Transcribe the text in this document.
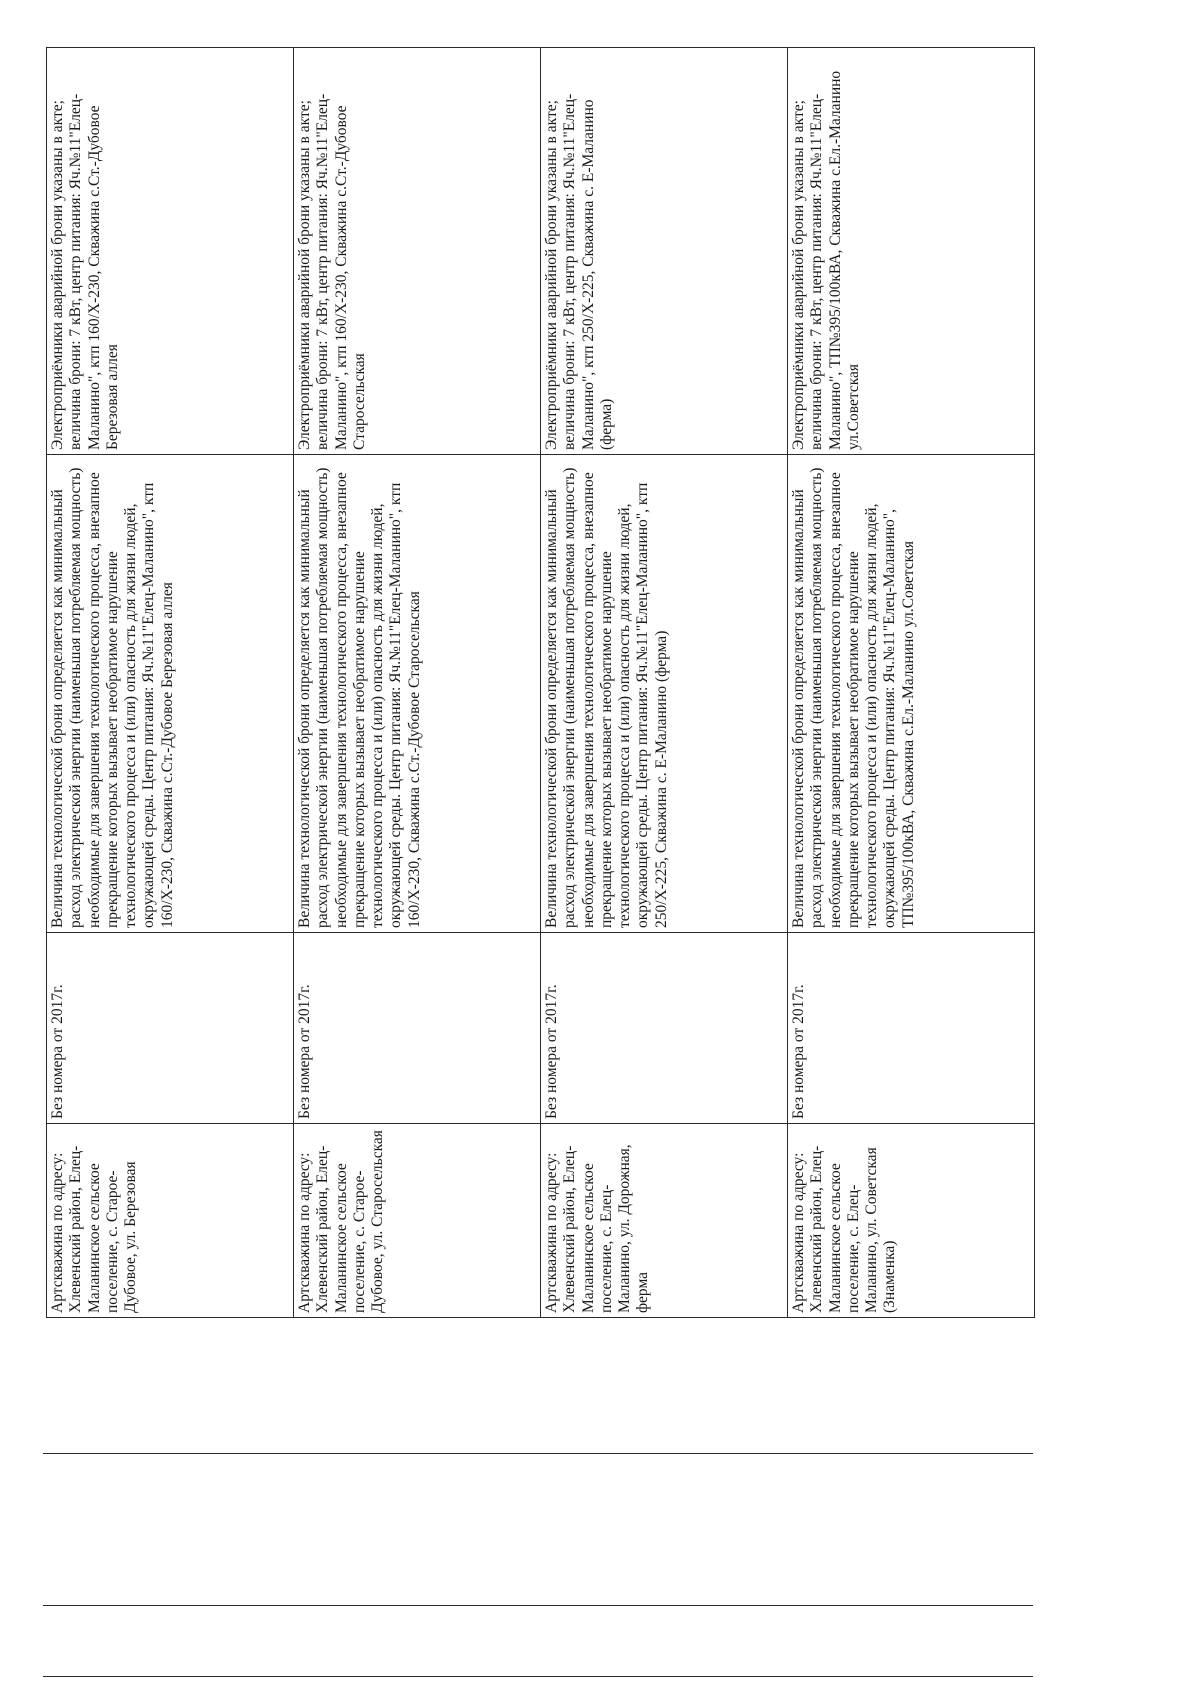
Артскважина по адресу: Хлевенский район, Елец-Маланинское сельское поселение, с. Старое-Дубовое, ул. Березовая	Без номера от 2017г.	Величина технологической брони определяется как минимальный расход электрической энергии (наименьшая потребляемая мощность) необходимые для завершения технологического процесса, внезапное прекращение которых вызывает необратимое нарушение технологического процесса и (или) опасность для жизни людей, окружающей среды. Центр питания: Яч.№11"Елец-Маланино", ктп 160/Х-230, Скважина с.Ст.-Дубовое Березовая аллея	Электроприёмники аварийной брони указаны в акте; величина брони: 7 кВт, центр питания: Яч.№11"Елец-Маланино", ктп 160/Х-230, Скважина с.Ст.-Дубовое Березовая аллея
Артскважина по адресу: Хлевенский район, Елец-Маланинское сельское поселение, с. Старое-Дубовое, ул. Старосельская	Без номера от 2017г.	Величина технологической брони определяется как минимальный расход электрической энергии (наименьшая потребляемая мощность) необходимые для завершения технологического процесса, внезапное прекращение которых вызывает необратимое нарушение технологического процесса и (или) опасность для жизни людей, окружающей среды. Центр питания: Яч.№11"Елец-Маланино", ктп 160/Х-230, Скважина с.Ст.-Дубовое Старосельская	Электроприёмники аварийной брони указаны в акте; величина брони: 7 кВт, центр питания: Яч.№11"Елец-Маланино", ктп 160/Х-230, Скважина с.Ст.-Дубовое Старосельская
Артскважина по адресу: Хлевенский район, Елец-Маланинское сельское поселение, с. Елец-Маланино, ул. Дорожная, ферма	Без номера от 2017г.	Величина технологической брони определяется как минимальный расход электрической энергии (наименьшая потребляемая мощность) необходимые для завершения технологического процесса, внезапное прекращение которых вызывает необратимое нарушение технологического процесса и (или) опасность для жизни людей, окружающей среды. Центр питания: Яч.№11"Елец-Маланино", ктп 250/Х-225, Скважина с. Е-Маланино (ферма)	Электроприёмники аварийной брони указаны в акте; величина брони: 7 кВт, центр питания: Яч.№11"Елец-Маланино", ктп 250/Х-225, Скважина с. Е-Маланино (ферма)
Артскважина по адресу: Хлевенский район, Елец-Маланинское сельское поселение, с. Елец-Маланино, ул. Советская (Знаменка)	Без номера от 2017г.	Величина технологической брони определяется как минимальный расход электрической энергии (наименьшая потребляемая мощность) необходимые для завершения технологического процесса, внезапное прекращение которых вызывает необратимое нарушение технологического процесса и (или) опасность для жизни людей, окружающей среды. Центр питания: Яч.№11"Елец-Маланино", ТП№395/100кВА, Скважина с.Ел.-Маланино ул.Советская	Электроприёмники аварийной брони указаны в акте; величина брони: 7 кВт, центр питания: Яч.№11"Елец-Маланино", ТП№395/100кВА, Скважина с.Ел.-Маланино ул.Советская
